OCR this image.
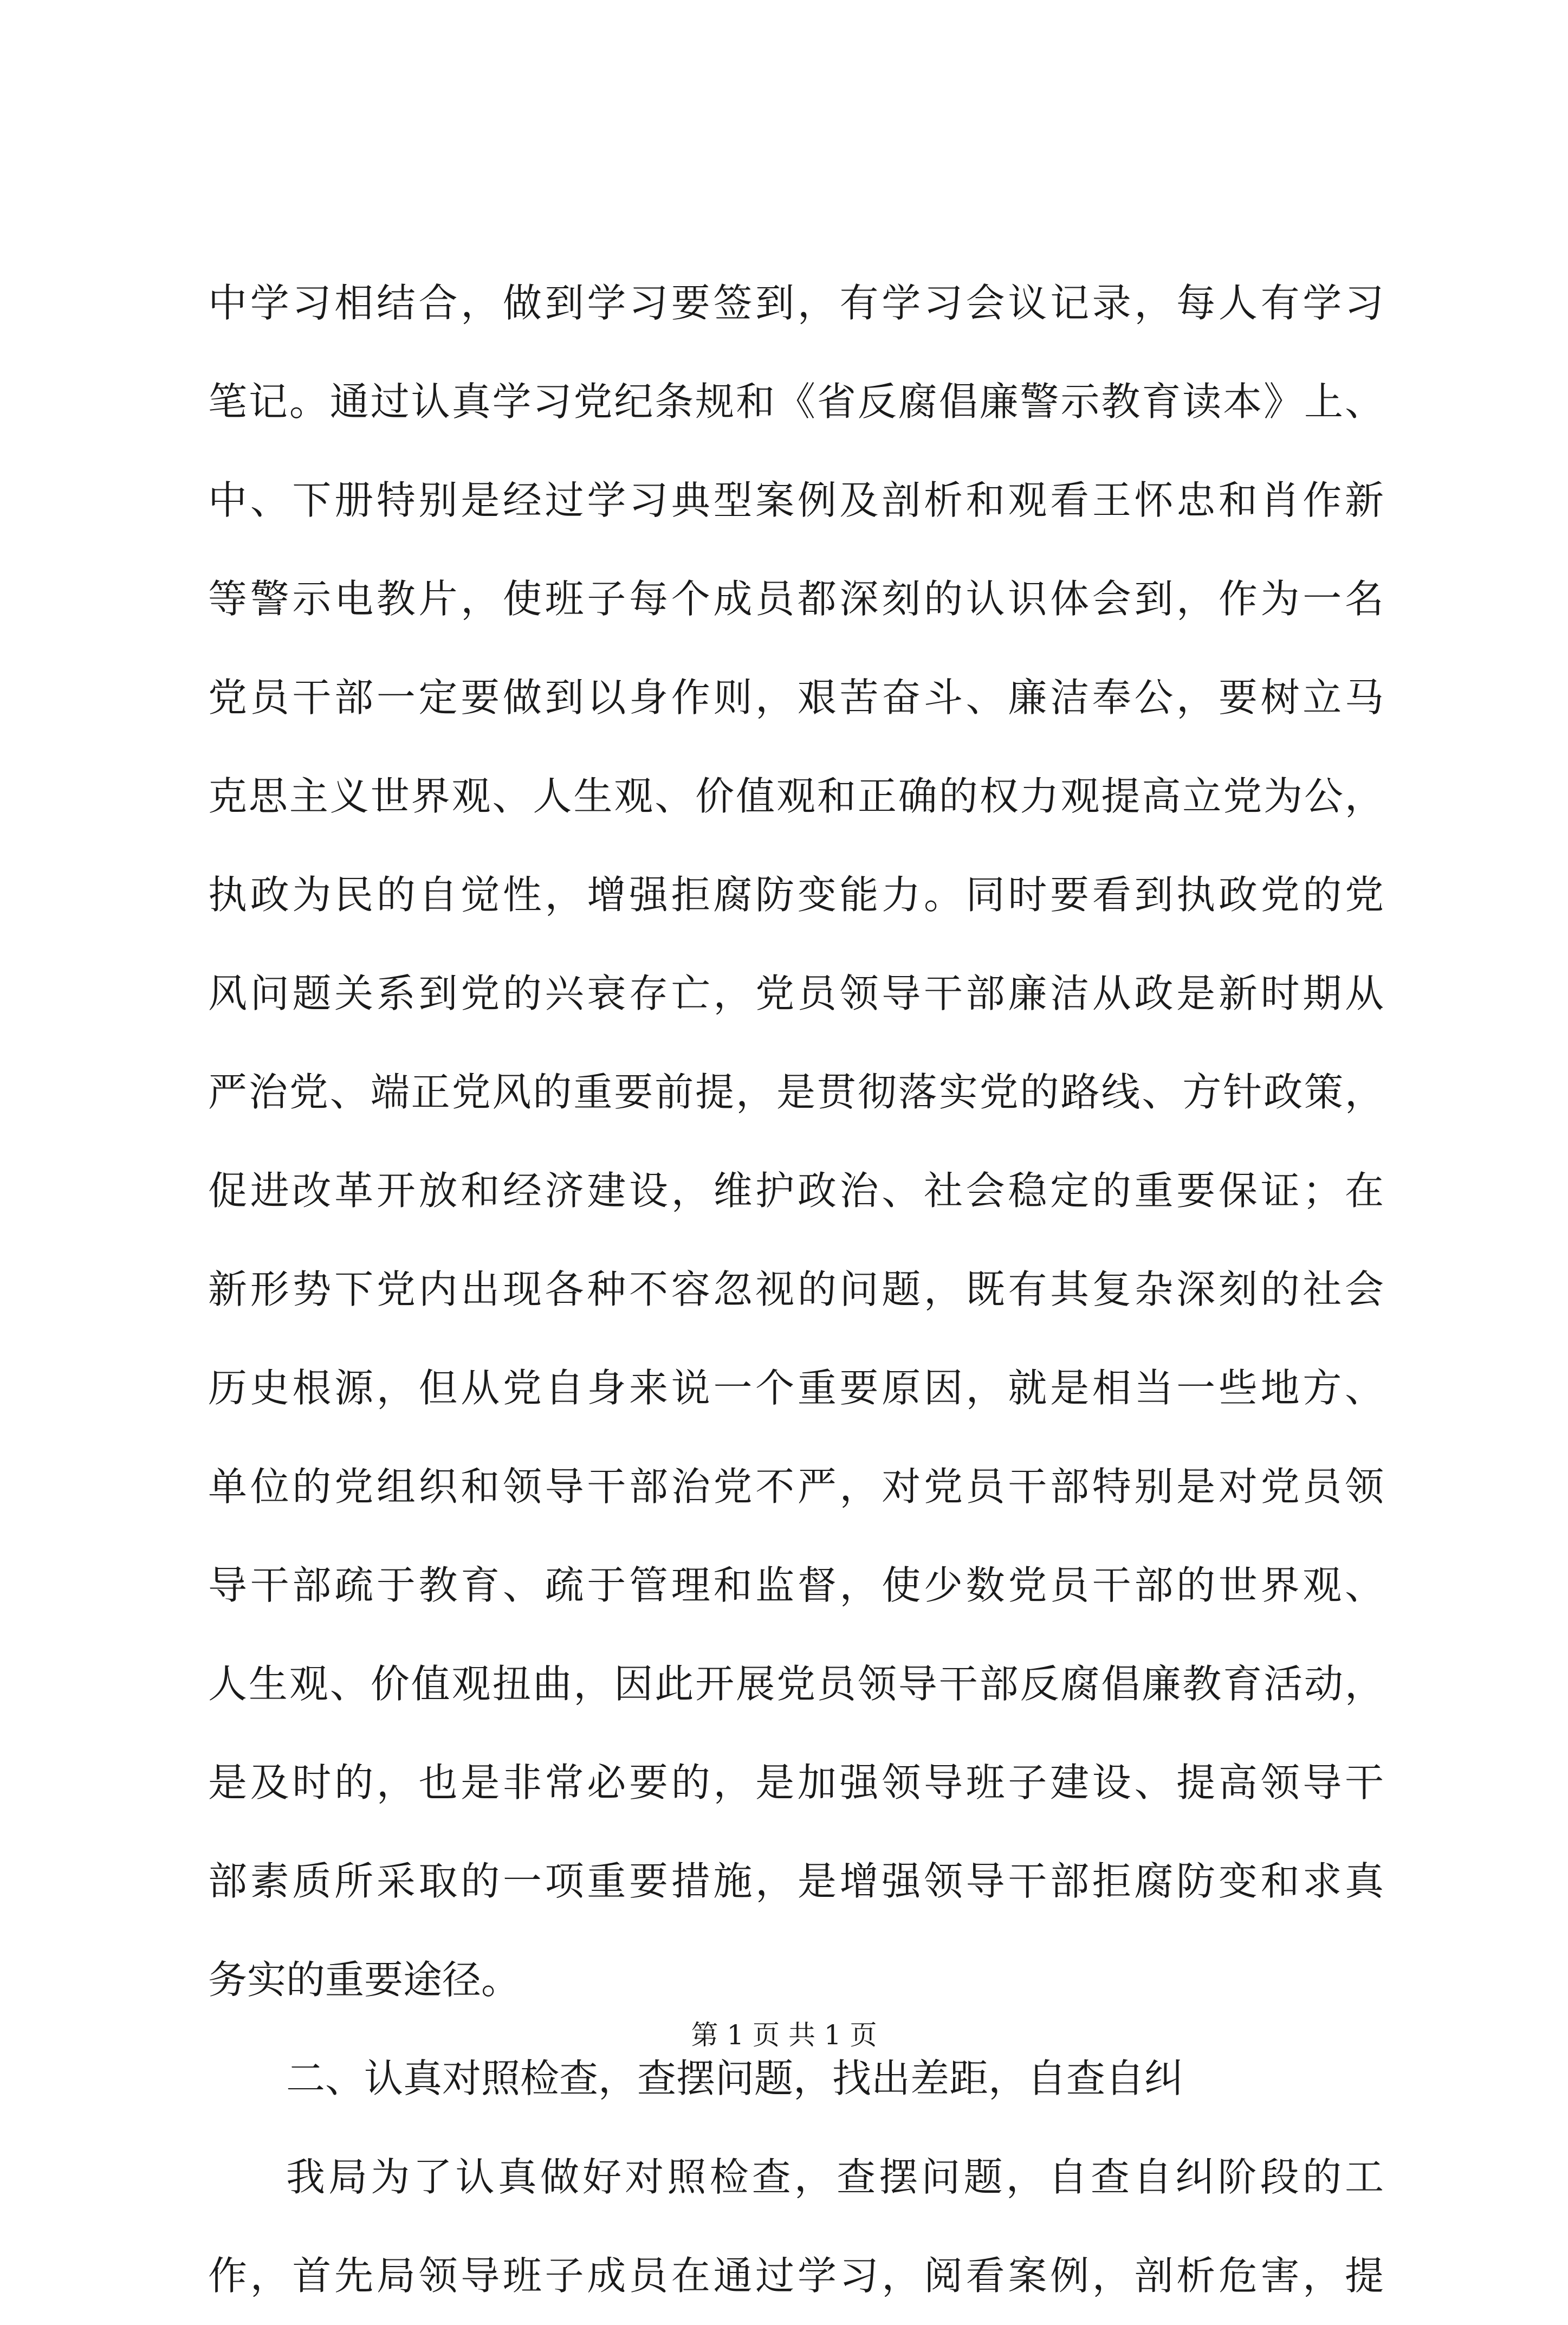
中学习相结合，做到学习要签到，有学习会议记录，每人有学习
笔记。通过认真学习党纪条规和《省反腐倡廉警示教育读本》上、
中、下册特别是经过学习典型案例及剖析和观看王怀忠和肖作新
等警示电教片，使班子每个成员都深刻的认识体会到，作为一名
党员干部一定要做到以身作则，艰苦奋斗、廉洁奉公，要树立马
克思主义世界观、人生观、价值观和正确的权力观提高立党为公，
执政为民的自觉性，增强拒腐防变能力。同时要看到执政党的党
风问题关系到党的兴衰存亡，党员领导干部廉洁从政是新时期从
严治党、端正党风的重要前提，是贯彻落实党的路线、方针政策，
促进改革开放和经济建设，维护政治、社会稳定的重要保证；在
新形势下党内出现各种不容忽视的问题，既有其复杂深刻的社会
历史根源，但从党自身来说一个重要原因，就是相当一些地方、
单位的党组织和领导干部治党不严，对党员干部特别是对党员领
导干部疏于教育、疏于管理和监督，使少数党员干部的世界观、
人生观、价值观扭曲，因此开展党员领导干部反腐倡廉教育活动，
是及时的，也是非常必要的，是加强领导班子建设、提高领导干
部素质所采取的一项重要措施，是增强领导干部拒腐防变和求真
务实的重要途径。
二、认真对照检查，查摆问题，找出差距，自查自纠
我局为了认真做好对照检查，查摆问题，自查自纠阶段的工
作，首先局领导班子成员在通过学习，阅看案例，剖析危害，提
第 1 页 共 1 页
